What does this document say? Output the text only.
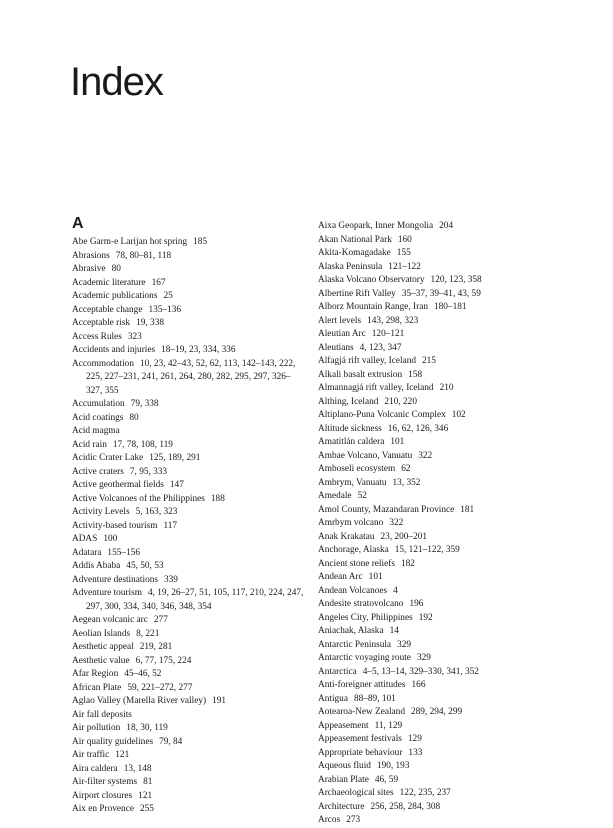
Index
A
Abe Garm-e Larijan hot spring 185
Abrasions 78, 80–81, 118
Abrasive 80
Academic literature 167
Academic publications 25
Acceptable change 135–136
Acceptable risk 19, 338
Access Rules 323
Accidents and injuries 18–19, 23, 334, 336
Accommodation 10, 23, 42–43, 52, 62, 113, 142–143, 222, 225, 227–231, 241, 261, 264, 280, 282, 295, 297, 326–327, 355
Accumulation 79, 338
Acid coatings 80
Acid magma
Acid rain 17, 78, 108, 119
Acidic Crater Lake 125, 189, 291
Active craters 7, 95, 333
Active geothermal fields 147
Active Volcanoes of the Philippines 188
Activity Levels 5, 163, 323
Activity-based tourism 117
ADAS 100
Adatara 155–156
Addis Ababa 45, 50, 53
Adventure destinations 339
Adventure tourism 4, 19, 26–27, 51, 105, 117, 210, 224, 247, 297, 300, 334, 340, 346, 348, 354
Aegean volcanic arc 277
Aeolian Islands 8, 221
Aesthetic appeal 219, 281
Aesthetic value 6, 77, 175, 224
Afar Region 45–46, 52
African Plate 59, 221–272, 277
Aglao Valley (Marella River valley) 191
Air fall deposits
Air pollution 18, 30, 119
Air quality guidelines 79, 84
Air traffic 121
Aira caldera 13, 148
Air-filter systems 81
Airport closures 121
Aix en Provence 255
Aixa Geopark, Inner Mongolia 204
Akan National Park 160
Akita-Komagadake 155
Alaska Peninsula 121–122
Alaska Volcano Observatory 120, 123, 358
Albertine Rift Valley 35–37, 39–41, 43, 59
Alborz Mountain Range, Iran 180–181
Alert levels 143, 298, 323
Aleutian Arc 120–121
Aleutians 4, 123, 347
Alfagjá rift valley, Iceland 215
Alkali basalt extrusion 158
Almannagjá rift valley, Iceland 210
Althing, Iceland 210, 220
Altiplano-Puna Volcanic Complex 102
Altitude sickness 16, 62, 126, 346
Amatitlán caldera 101
Ambae Volcano, Vanuatu 322
Amboseli ecosystem 62
Ambrym, Vanuatu 13, 352
Amedale 52
Amol County, Mazandaran Province 181
Amrbym volcano 322
Anak Krakatau 23, 200–201
Anchorage, Alaska 15, 121–122, 359
Ancient stone reliefs 182
Andean Arc 101
Andean Volcanoes 4
Andesite stratovolcano 196
Angeles City, Philippines 192
Aniachak, Alaska 14
Antarctic Peninsula 329
Antarctic voyaging route 329
Antarctica 4–5, 13–14, 329–330, 341, 352
Anti-foreigner attitudes 166
Antigua 88–89, 101
Aotearoa-New Zealand 289, 294, 299
Appeasement 11, 129
Appeasement festivals 129
Appropriate behaviour 133
Aqueous fluid 190, 193
Arabian Plate 46, 59
Archaeological sites 122, 235, 237
Architecture 256, 258, 284, 308
Arcos 273
